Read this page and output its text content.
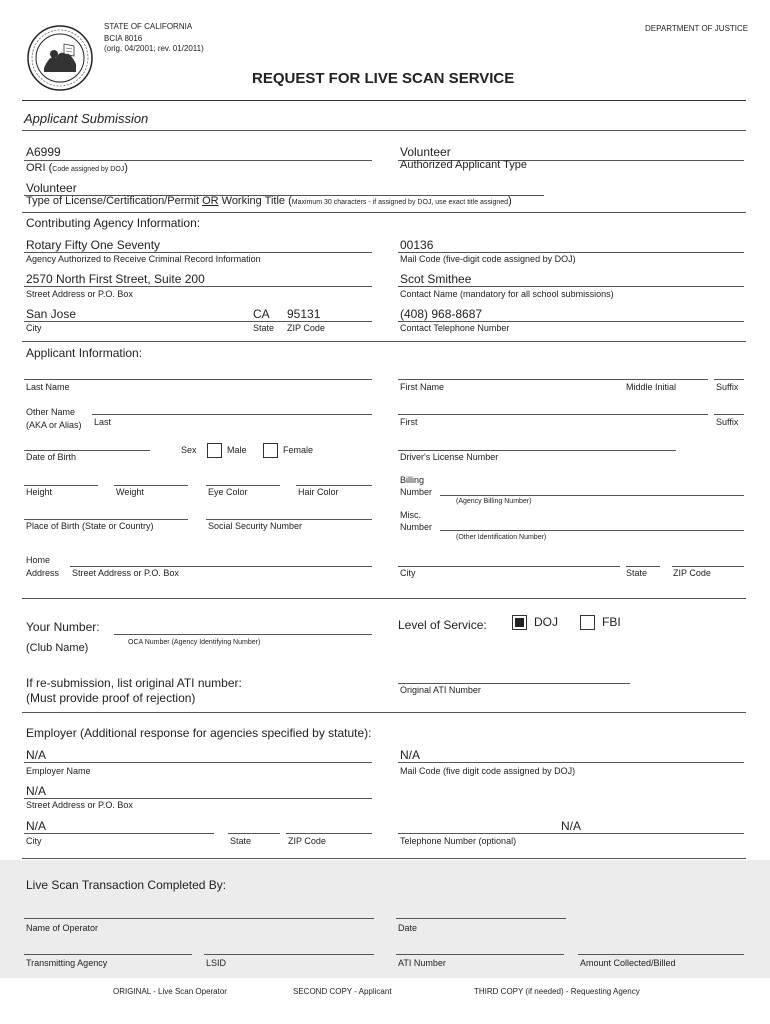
STATE OF CALIFORNIA
BCIA 8016
(orig. 04/2001; rev. 01/2011)
DEPARTMENT OF JUSTICE
REQUEST FOR LIVE SCAN SERVICE
Applicant Submission
A6999
ORI (Code assigned by DOJ)
Volunteer
Authorized Applicant Type
Volunteer
Type of License/Certification/Permit OR Working Title (Maximum 30 characters - if assigned by DOJ, use exact title assigned)
Contributing Agency Information:
Rotary Fifty One Seventy
Agency Authorized to Receive Criminal Record Information
00136
Mail Code (five-digit code assigned by DOJ)
2570 North First Street, Suite 200
Street Address or P.O. Box
Scot Smithee
Contact Name (mandatory for all school submissions)
San Jose	CA 95131
City	State ZIP Code
(408) 968-8687
Contact Telephone Number
Applicant Information:
Last Name	First Name	Middle Initial	Suffix
Other Name
(AKA or Alias) Last	First	Suffix
Date of Birth
Sex	Male	Female
Driver's License Number
Height	Weight	Eye Color	Hair Color
Billing
Number
(Agency Billing Number)
Place of Birth (State or Country)	Social Security Number
Misc.
Number
(Other Identification Number)
Home
Address Street Address or P.O. Box	City	State	ZIP Code
Your Number:
(Club Name)	OCA Number (Agency Identifying Number)
Level of Service:	DOJ	FBI
If re-submission, list original ATI number:
(Must provide proof of rejection)
Original ATI Number
Employer (Additional response for agencies specified by statute):
N/A
Employer Name
N/A
Mail Code (five digit code assigned by DOJ)
N/A
Street Address or P.O. Box
N/A
City	State	ZIP Code
N/A
Telephone Number (optional)
Live Scan Transaction Completed By:
Name of Operator	Date
Transmitting Agency	LSID	ATI Number	Amount Collected/Billed
ORIGINAL - Live Scan Operator	SECOND COPY - Applicant	THIRD COPY (if needed) - Requesting Agency
